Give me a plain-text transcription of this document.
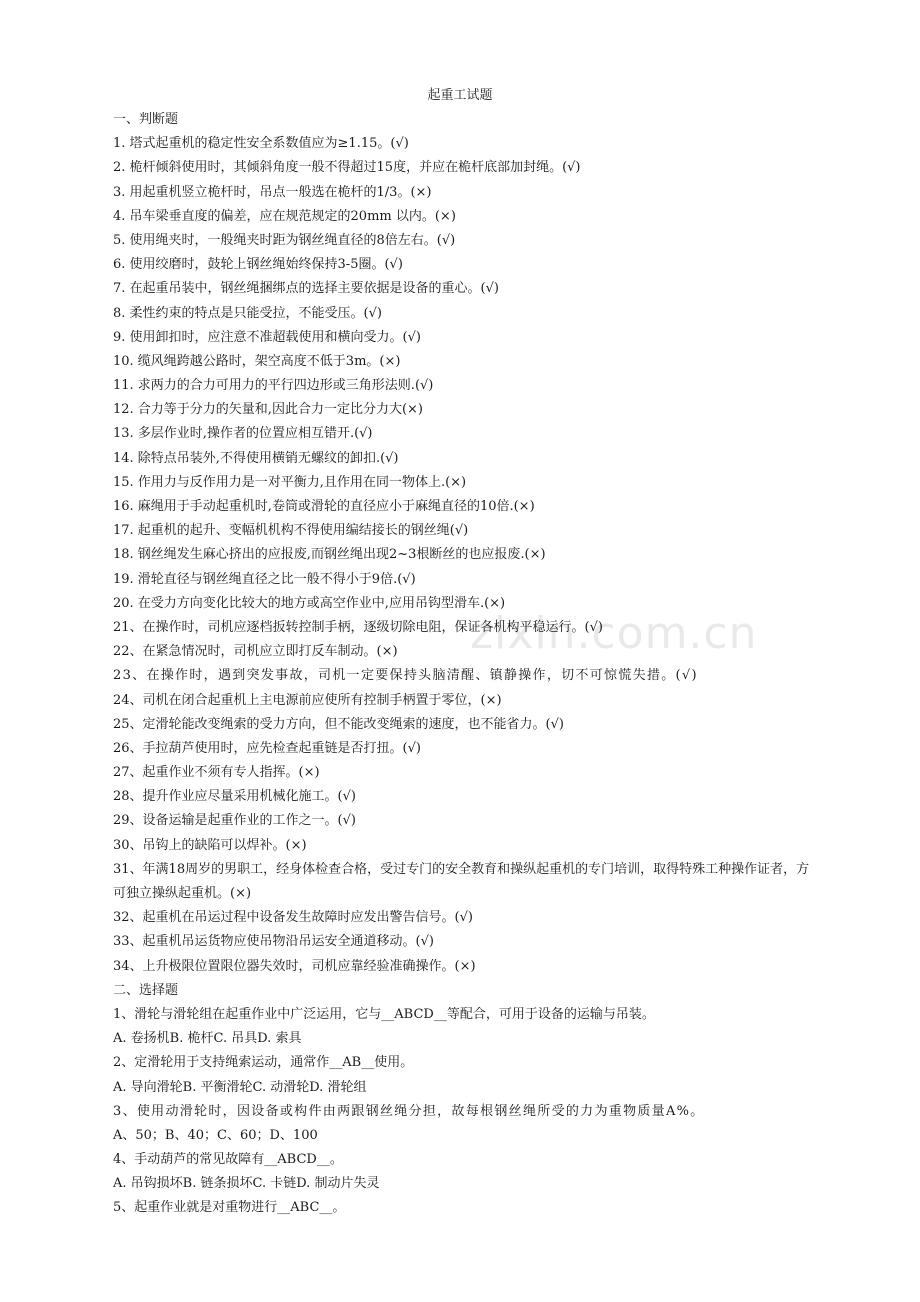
zixin.com.cn
起重工试题
一、判断题
1. 塔式起重机的稳定性安全系数值应为≥1.15。(√)
2. 桅杆倾斜使用时，其倾斜角度一般不得超过15度，并应在桅杆底部加封绳。(√)
3. 用起重机竖立桅杆时，吊点一般选在桅杆的1/3。(×)
4. 吊车梁垂直度的偏差，应在规范规定的20mm 以内。(×)
5. 使用绳夹时，一般绳夹时距为钢丝绳直径的8倍左右。(√)
6. 使用绞磨时，鼓轮上钢丝绳始终保持3-5圈。(√)
7. 在起重吊装中，钢丝绳捆绑点的选择主要依据是设备的重心。(√)
8. 柔性约束的特点是只能受拉，不能受压。(√)
9. 使用卸扣时，应注意不准超载使用和横向受力。(√)
10. 缆风绳跨越公路时，架空高度不低于3m。(×)
11. 求两力的合力可用力的平行四边形或三角形法则.(√)
12. 合力等于分力的矢量和,因此合力一定比分力大(×)
13. 多层作业时,操作者的位置应相互错开.(√)
14. 除特点吊装外,不得使用横销无螺纹的卸扣.(√)
15. 作用力与反作用力是一对平衡力,且作用在同一物体上.(×)
16. 麻绳用于手动起重机时,卷筒或滑轮的直径应小于麻绳直径的10倍.(×)
17. 起重机的起升、变幅机机构不得使用编结接长的钢丝绳(√)
18. 钢丝绳发生麻心挤出的应报废,而钢丝绳出现2~3根断丝的也应报废.(×)
19. 滑轮直径与钢丝绳直径之比一般不得小于9倍.(√)
20. 在受力方向变化比较大的地方或高空作业中,应用吊钩型滑车.(×)
21、在操作时，司机应逐档扳转控制手柄，逐级切除电阻，保证各机构平稳运行。(√)
22、在紧急情况时，司机应立即打反车制动。(×)
23、在操作时，遇到突发事故，司机一定要保持头脑清醒、镇静操作，切不可惊慌失措。(√)
24、司机在闭合起重机上主电源前应使所有控制手柄置于零位，(×)
25、定滑轮能改变绳索的受力方向，但不能改变绳索的速度，也不能省力。(√)
26、手拉葫芦使用时，应先检查起重链是否打扭。(√)
27、起重作业不须有专人指挥。(×)
28、提升作业应尽量采用机械化施工。(√)
29、设备运输是起重作业的工作之一。(√)
30、吊钩上的缺陷可以焊补。(×)
31、年满18周岁的男职工，经身体检查合格，受过专门的安全教育和操纵起重机的专门培训，取得特殊工种操作证者，方可独立操纵起重机。(×)
32、起重机在吊运过程中设备发生故障时应发出警告信号。(√)
33、起重机吊运货物应使吊物沿吊运安全通道移动。(√)
34、上升极限位置限位器失效时，司机应靠经验准确操作。(×)
二、选择题
1、滑轮与滑轮组在起重作业中广泛运用，它与__ABCD__等配合，可用于设备的运输与吊装。
A. 卷扬机B. 桅杆C. 吊具D. 索具
2、定滑轮用于支持绳索运动，通常作__AB__使用。
A. 导向滑轮B. 平衡滑轮C. 动滑轮D. 滑轮组
3、使用动滑轮时，因设备或构件由两跟钢丝绳分担，故每根钢丝绳所受的力为重物质量A%。
A、50；B、40；C、60；D、100
4、手动葫芦的常见故障有__ABCD__。
A. 吊钩损坏B. 链条损坏C. 卡链D. 制动片失灵
5、起重作业就是对重物进行__ABC__。
